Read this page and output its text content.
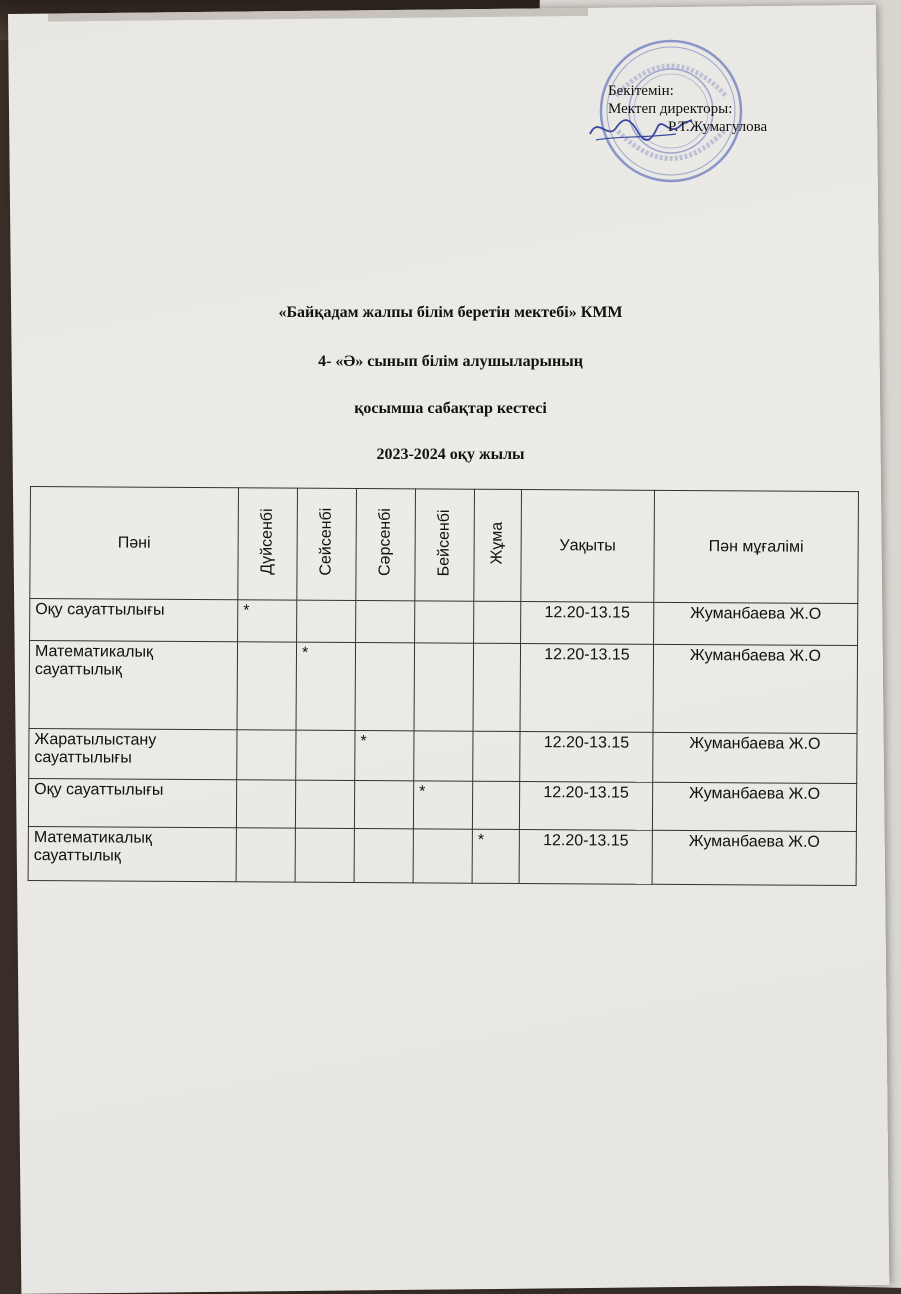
Бекітемін:
Мектеп директоры:
Р.Т.Жумагулова
«Байқадам жалпы білім беретін мектебі» КММ
4- «Ә» сынып білім алушыларының
қосымша сабақтар кестесі
2023-2024 оқу жылы
Пәні	Дүйсенбі	Сейсенбі	Сәрсенбі	Бейсенбі	Жұма	Уақыты	Пән мұғалімі
Оқу сауаттылығы	*					12.20-13.15	Жуманбаева Ж.О
Математикалық сауаттылық		*				12.20-13.15	Жуманбаева Ж.О
Жаратылыстану сауаттылығы			*			12.20-13.15	Жуманбаева Ж.О
Оқу сауаттылығы				*		12.20-13.15	Жуманбаева Ж.О
Математикалық сауаттылық					*	12.20-13.15	Жуманбаева Ж.О
